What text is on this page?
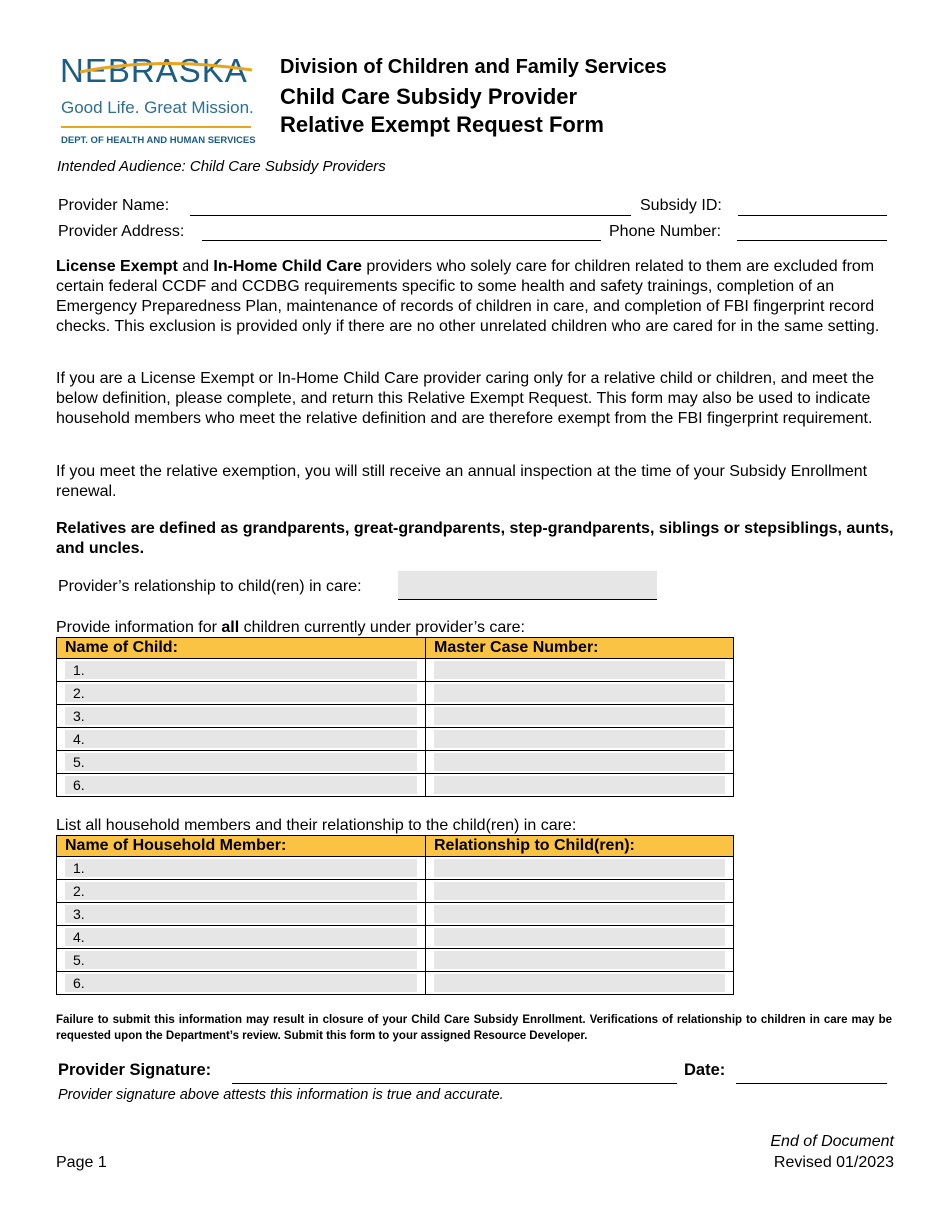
NEBRASKA
Good Life. Great Mission.
DEPT. OF HEALTH AND HUMAN SERVICES
Division of Children and Family Services
Child Care Subsidy Provider
Relative Exempt Request Form
Intended Audience: Child Care Subsidy Providers
Provider Name:	Subsidy ID:
Provider Address:	Phone Number:
License Exempt and In-Home Child Care providers who solely care for children related to them are excluded from certain federal CCDF and CCDBG requirements specific to some health and safety trainings, completion of an Emergency Preparedness Plan, maintenance of records of children in care, and completion of FBI fingerprint record checks. This exclusion is provided only if there are no other unrelated children who are cared for in the same setting.
If you are a License Exempt or In-Home Child Care provider caring only for a relative child or children, and meet the below definition, please complete, and return this Relative Exempt Request. This form may also be used to indicate household members who meet the relative definition and are therefore exempt from the FBI fingerprint requirement.
If you meet the relative exemption, you will still receive an annual inspection at the time of your Subsidy Enrollment renewal.
Relatives are defined as grandparents, great-grandparents, step-grandparents, siblings or stepsiblings, aunts, and uncles.
Provider’s relationship to child(ren) in care:
Provide information for all children currently under provider’s care:
Name of Child:	Master Case Number:

1.	

2.	

3.	

4.	

5.	

6.	

List all household members and their relationship to the child(ren) in care:
Name of Household Member:	Relationship to Child(ren):

1.	

2.	

3.	

4.	

5.	

6.	

Failure to submit this information may result in closure of your Child Care Subsidy Enrollment. Verifications of relationship to children in care may be requested upon the Department’s review. Submit this form to your assigned Resource Developer.
Provider Signature:	Date:
Provider signature above attests this information is true and accurate.
Page 1
End of Document
Revised 01/2023
